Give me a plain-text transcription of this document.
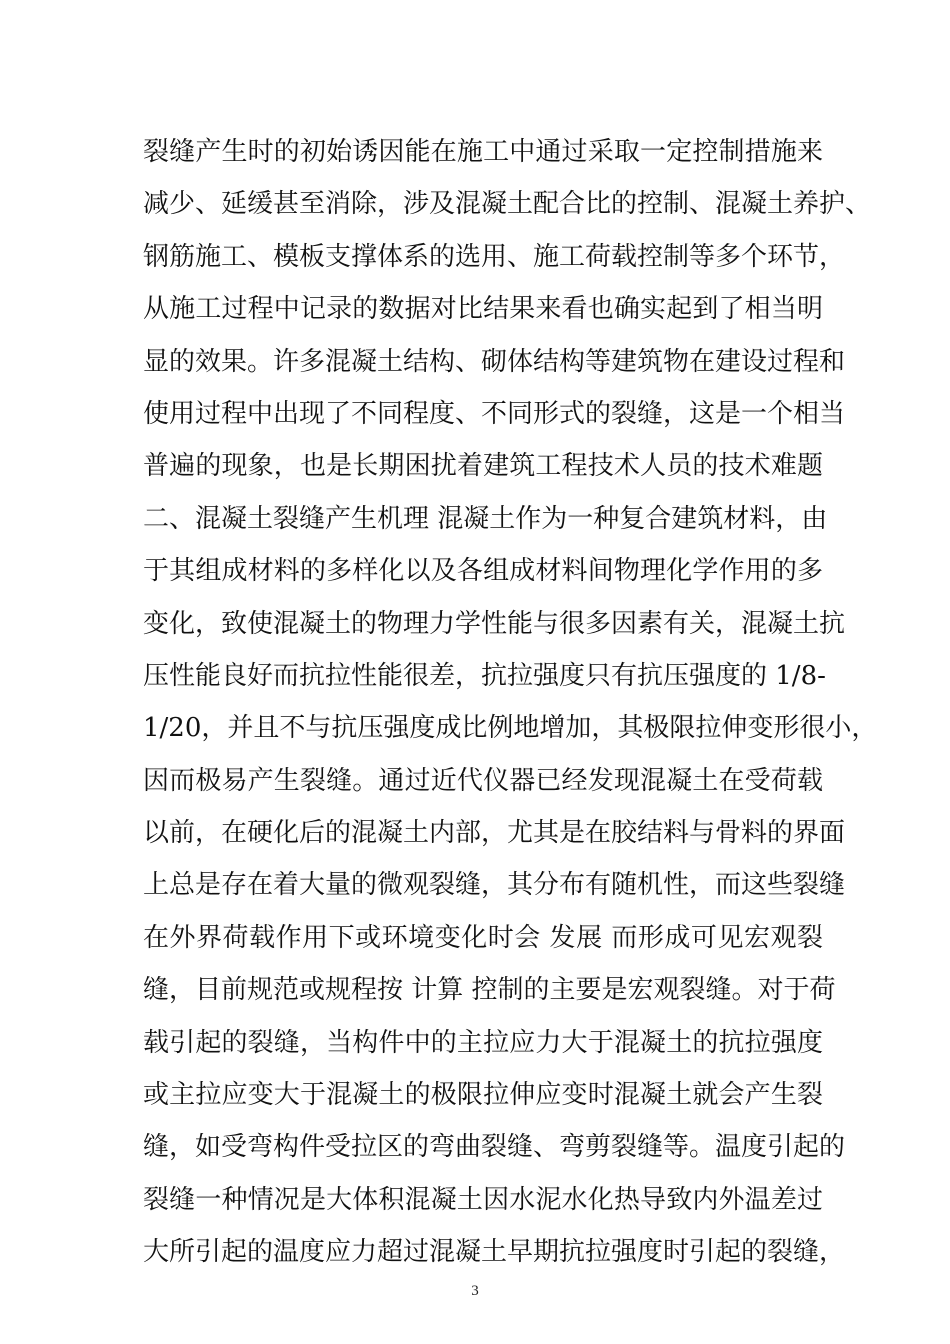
裂缝产生时的初始诱因能在施工中通过采取一定控制措施来
减少、延缓甚至消除，涉及混凝土配合比的控制、混凝土养护、
钢筋施工、模板支撑体系的选用、施工荷载控制等多个环节，
从施工过程中记录的数据对比结果来看也确实起到了相当明
显的效果。许多混凝土结构、砌体结构等建筑物在建设过程和
使用过程中出现了不同程度、不同形式的裂缝，这是一个相当
普遍的现象，也是长期困扰着建筑工程技术人员的技术难题
二、混凝土裂缝产生机理 混凝土作为一种复合建筑材料，由
于其组成材料的多样化以及各组成材料间物理化学作用的多
变化，致使混凝土的物理力学性能与很多因素有关，混凝土抗
压性能良好而抗拉性能很差，抗拉强度只有抗压强度的 1/8-
1/20，并且不与抗压强度成比例地增加，其极限拉伸变形很小，
因而极易产生裂缝。通过近代仪器已经发现混凝土在受荷载
以前，在硬化后的混凝土内部，尤其是在胶结料与骨料的界面
上总是存在着大量的微观裂缝，其分布有随机性，而这些裂缝
在外界荷载作用下或环境变化时会 发展 而形成可见宏观裂
缝，目前规范或规程按 计算 控制的主要是宏观裂缝。对于荷
载引起的裂缝，当构件中的主拉应力大于混凝土的抗拉强度
或主拉应变大于混凝土的极限拉伸应变时混凝土就会产生裂
缝，如受弯构件受拉区的弯曲裂缝、弯剪裂缝等。温度引起的
裂缝一种情况是大体积混凝土因水泥水化热导致内外温差过
大所引起的温度应力超过混凝土早期抗拉强度时引起的裂缝，
3
